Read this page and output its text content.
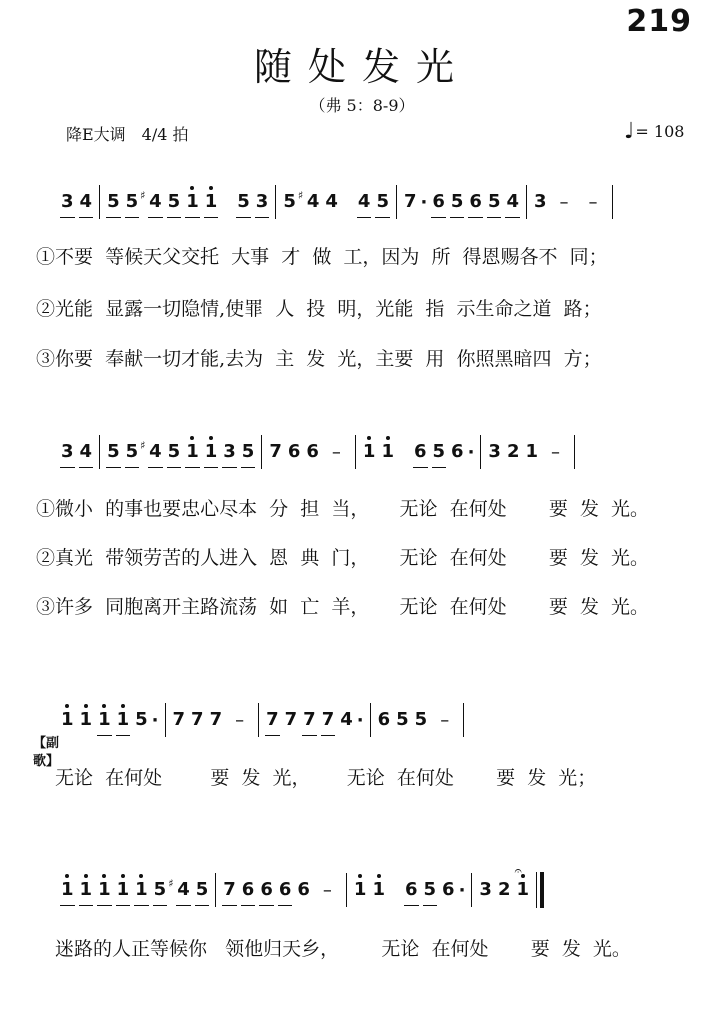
219
随处发光
（弗 5：8-9）
降E大调　4/4 拍	♩ = 108
3 4 5 5 4
♯ 5 1 1 5 3 5 4
♯ 4 4 5 7 · 6 5 6 5 4 3 – –
①不要  等候天父交托  大事  才  做  工，因为  所  得恩赐各不  同；
②光能  显露一切隐情,使罪  人  投  明，光能  指  示生命之道  路；
③你要  奉献一切才能,去为  主  发  光，主要  用  你照黑暗四  方；
3 4 5 5 4
♯ 5 1 1 3 5 7 6 6 – 1 1 6 5 6 · 3 2 1 –
①微小  的事也要忠心尽本  分  担  当，     无论  在何处       要  发  光。
②真光  带领劳苦的人进入  恩  典  门，     无论  在何处       要  发  光。
③许多  同胞离开主路流荡  如  亡  羊，     无论  在何处       要  发  光。
1 1 1 1 5 · 7 7 7 – 7 7 7 7 4 · 6 5 5 –
【副歌】
无论  在何处        要  发  光，      无论  在何处       要  发  光；
1 1 1 1 1 5 4
♯ 5 7 6 6 6 6 – 1 1 6 5 6 · 3 2 1
𝄐
迷路的人正等候你   领他归天乡，       无论  在何处       要  发  光。
